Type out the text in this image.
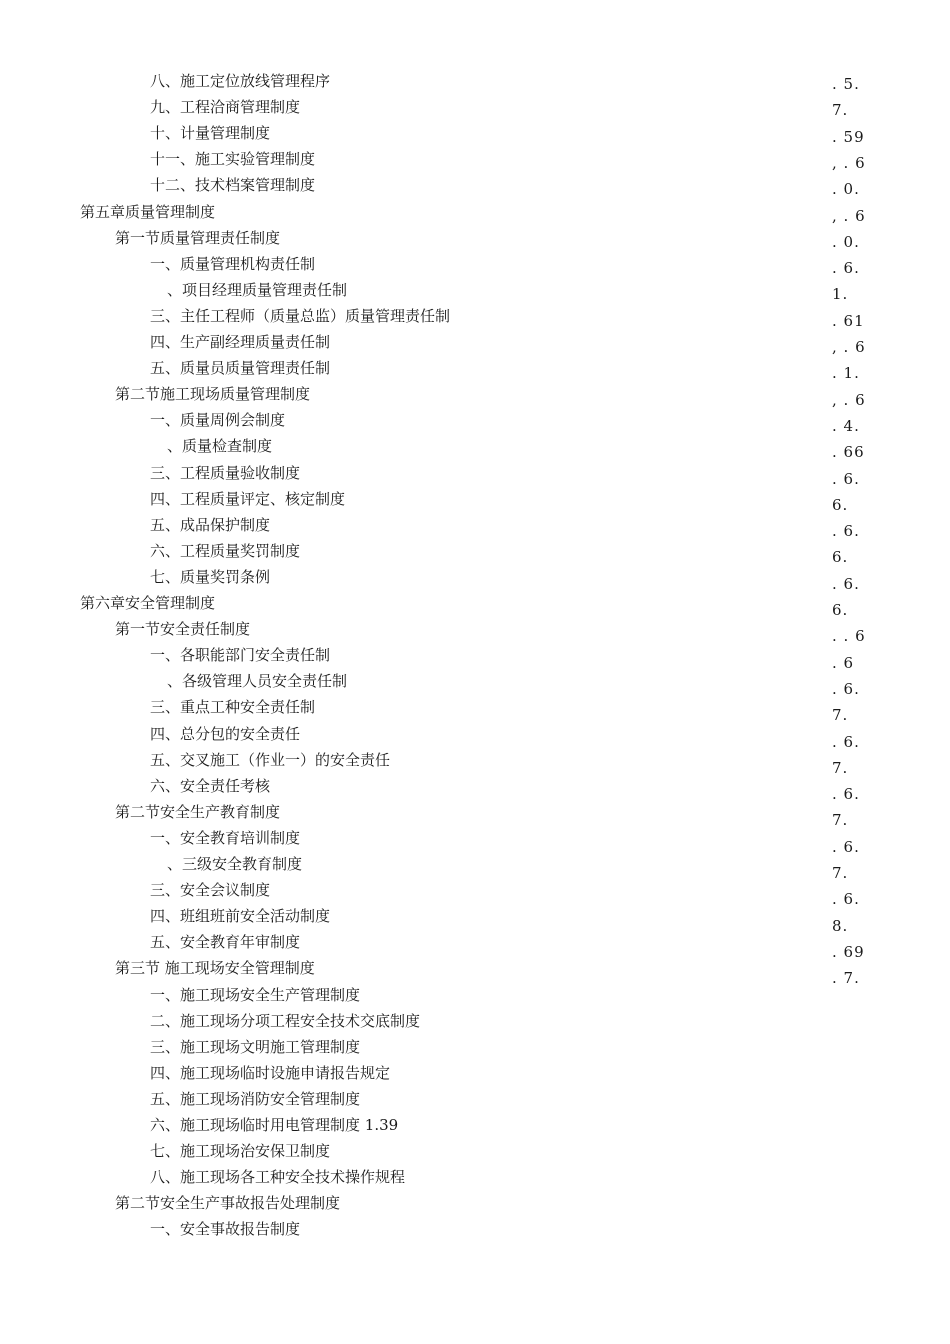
八、施工定位放线管理程序
九、工程洽商管理制度
十、计量管理制度
十一、施工实验管理制度
十二、技术档案管理制度
第五章质量管理制度
第一节质量管理责任制度
一、质量管理机构责任制
、项目经理质量管理责任制
三、主任工程师（质量总监）质量管理责任制
四、生产副经理质量责任制
五、质量员质量管理责任制
第二节施工现场质量管理制度
一、质量周例会制度
、质量检查制度
三、工程质量验收制度
四、工程质量评定、核定制度
五、成品保护制度
六、工程质量奖罚制度
七、质量奖罚条例
第六章安全管理制度
第一节安全责任制度
一、各职能部门安全责任制
、各级管理人员安全责任制
三、重点工种安全责任制
四、总分包的安全责任
五、交叉施工（作业一）的安全责任
六、安全责任考核
第二节安全生产教育制度
一、安全教育培训制度
、三级安全教育制度
三、安全会议制度
四、班组班前安全活动制度
五、安全教育年审制度
第三节 施工现场安全管理制度
一、施工现场安全生产管理制度
二、施工现场分项工程安全技术交底制度
三、施工现场文明施工管理制度
四、施工现场临时设施申请报告规定
五、施工现场消防安全管理制度
六、施工现场临时用电管理制度 1.39
七、施工现场治安保卫制度
八、施工现场各工种安全技术操作规程
第二节安全生产事故报告处理制度
一、安全事故报告制度
. 5.
7.
. 59
, . 6
. 0.
, . 6
. 0.
. 6.
1.
. 61
, . 6
. 1.
, . 6
. 4.
. 66
. 6.
6.
. 6.
6.
. 6.
6.
. . 6
. 6
. 6.
7.
. 6.
7.
. 6.
7.
. 6.
7.
. 6.
8.
. 69
. 7.
